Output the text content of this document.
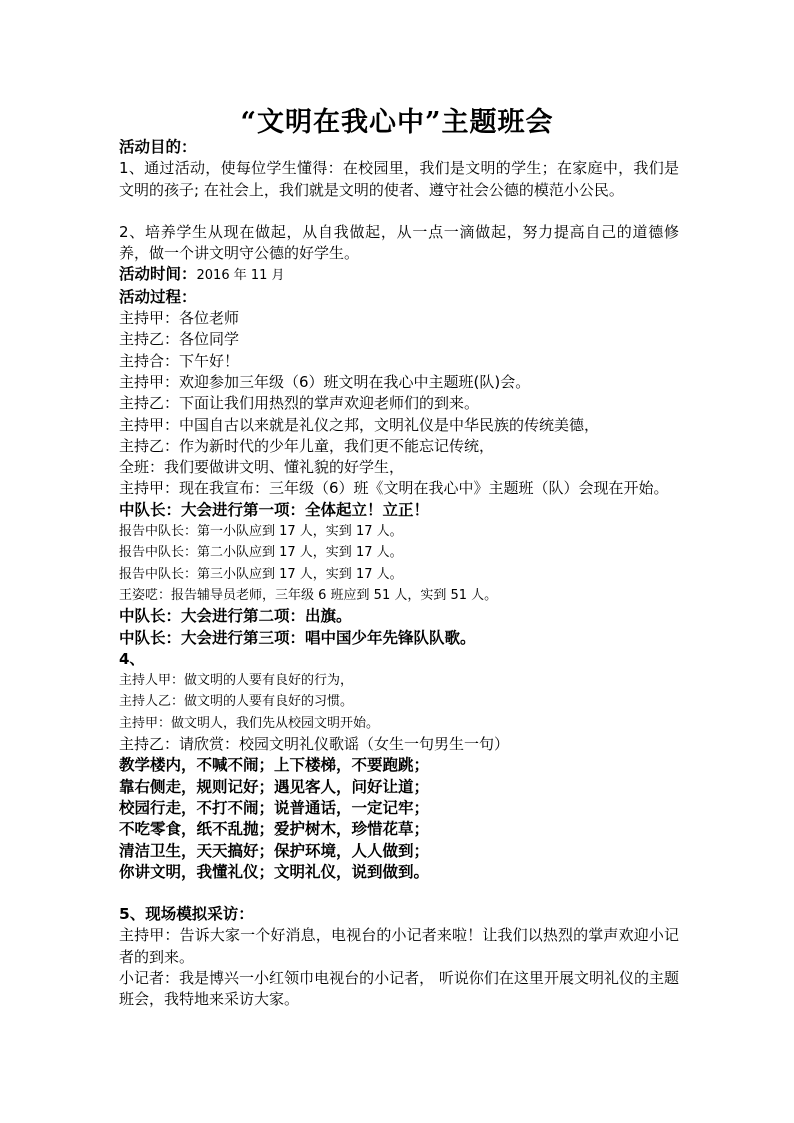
“文明在我心中”主题班会

活动目的：

1、通过活动，使每位学生懂得：在校园里，我们是文明的学生；在家庭中，我们是文明的孩子; 在社会上，我们就是文明的使者、遵守社会公德的模范小公民。

2、培养学生从现在做起，从自我做起，从一点一滴做起，努力提高自己的道德修养，做一个讲文明守公德的好学生。

活动时间：2016 年 11 月

活动过程：

主持甲：各位老师

主持乙：各位同学

主持合：下午好！

主持甲：欢迎参加三年级（6）班文明在我心中主题班(队)会。

主持乙：下面让我们用热烈的掌声欢迎老师们的到来。

主持甲：中国自古以来就是礼仪之邦，文明礼仪是中华民族的传统美德，

主持乙：作为新时代的少年儿童，我们更不能忘记传统，

全班：我们要做讲文明、懂礼貌的好学生，

主持甲：现在我宣布：三年级（6）班《文明在我心中》主题班（队）会现在开始。

中队长：大会进行第一项：全体起立！立正！

报告中队长：第一小队应到 17 人，实到 17 人。

报告中队长：第二小队应到 17 人，实到 17 人。

报告中队长：第三小队应到 17 人，实到 17 人。

王姿呓：报告辅导员老师，三年级 6 班应到 51 人，实到 51 人。

中队长：大会进行第二项：出旗。

中队长：大会进行第三项：唱中国少年先锋队队歌。

4、

主持人甲：做文明的人要有良好的行为，

主持人乙：做文明的人要有良好的习惯。

主持甲：做文明人，我们先从校园文明开始。

主持乙：请欣赏：校园文明礼仪歌谣（女生一句男生一句）

教学楼内，不喊不闹；上下楼梯，不要跑跳；

靠右侧走，规则记好；遇见客人，问好让道；

校园行走，不打不闹；说普通话，一定记牢；

不吃零食，纸不乱抛；爱护树木，珍惜花草；

清洁卫生，天天搞好；保护环境，人人做到；

你讲文明，我懂礼仪；文明礼仪，说到做到。

5、现场模拟采访：

主持甲：告诉大家一个好消息，电视台的小记者来啦！让我们以热烈的掌声欢迎小记者的到来。

小记者：我是博兴一小红领巾电视台的小记者， 听说你们在这里开展文明礼仪的主题班会，我特地来采访大家。
